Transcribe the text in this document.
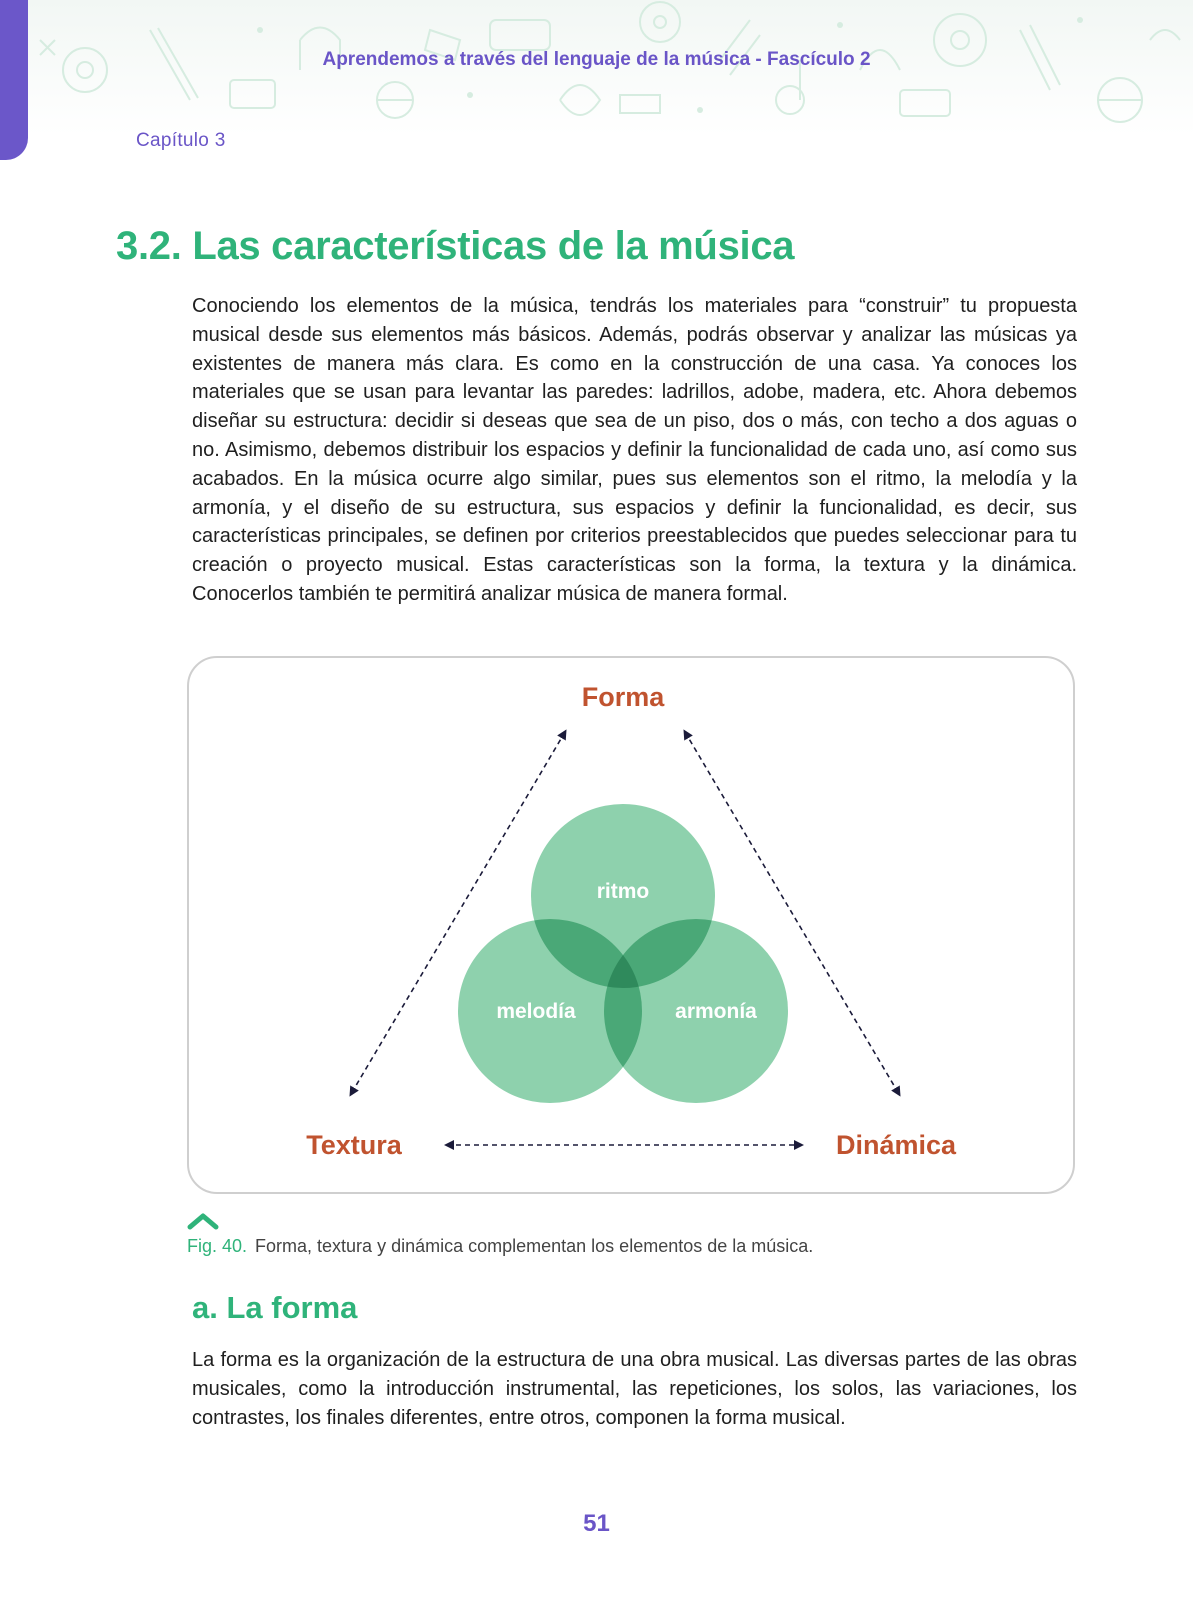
Aprendemos a través del lenguaje de la música - Fascículo 2
Capítulo 3
3.2. Las características de la música

Conociendo los elementos de la música, tendrás los materiales para “construir” tu propuesta musical desde sus elementos más básicos. Además, podrás observar y analizar las músicas ya existentes de manera más clara. Es como en la construcción de una casa. Ya conoces los materiales que se usan para levantar las paredes: ladrillos, adobe, madera, etc. Ahora debemos diseñar su estructura: decidir si deseas que sea de un piso, dos o más, con techo a dos aguas o no. Asimismo, debemos distribuir los espacios y definir la funcionalidad de cada uno, así como sus acabados. En la música ocurre algo similar, pues sus elementos son el ritmo, la melodía y la armonía, y el diseño de su estructura, sus espacios y definir la funcionalidad, es decir, sus características principales, se definen por criterios preestablecidos que puedes seleccionar para tu creación o proyecto musical. Estas características son la forma, la textura y la dinámica. Conocerlos también te permitirá analizar música de manera formal.

Forma
Textura	Dinámica
ritmo
melodía	armonía
Fig. 40. Forma, textura y dinámica complementan los elementos de la música.
a. La forma

La forma es la organización de la estructura de una obra musical. Las diversas partes de las obras musicales, como la introducción instrumental, las repeticiones, los solos, las variaciones, los contrastes, los finales diferentes, entre otros, componen la forma musical.

51
